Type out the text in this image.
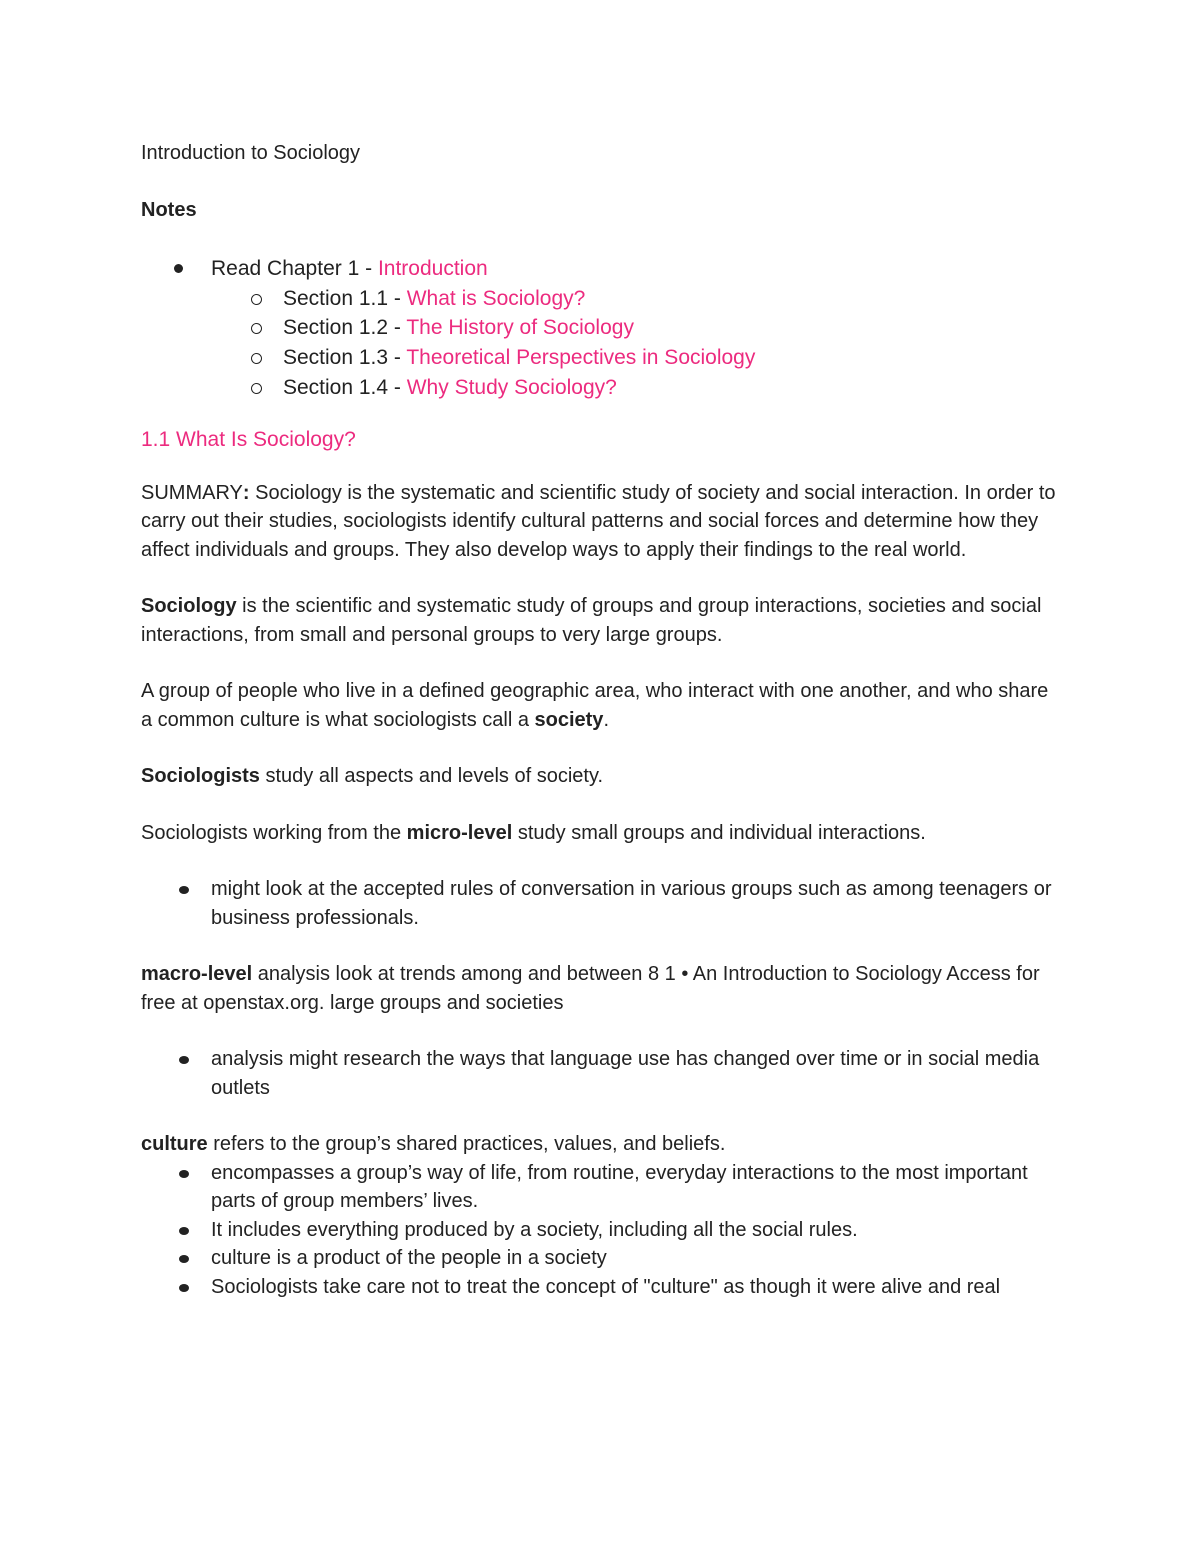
Introduction to Sociology

Notes

Read Chapter 1 - Introduction
Section 1.1 - What is Sociology?
Section 1.2 - The History of Sociology
Section 1.3 - Theoretical Perspectives in Sociology
Section 1.4 - Why Study Sociology?

1.1 What Is Sociology?

SUMMARY: Sociology is the systematic and scientific study of society and social interaction. In order to carry out their studies, sociologists identify cultural patterns and social forces and determine how they affect individuals and groups. They also develop ways to apply their findings to the real world.

Sociology is the scientific and systematic study of groups and group interactions, societies and social interactions, from small and personal groups to very large groups.

A group of people who live in a defined geographic area, who interact with one another, and who share a common culture is what sociologists call a society.

Sociologists study all aspects and levels of society.

Sociologists working from the micro-level study small groups and individual interactions.

might look at the accepted rules of conversation in various groups such as among teenagers or business professionals.

macro-level analysis look at trends among and between 8 1 • An Introduction to Sociology Access for free at openstax.org. large groups and societies

analysis might research the ways that language use has changed over time or in social media outlets

culture refers to the group’s shared practices, values, and beliefs.

encompasses a group’s way of life, from routine, everyday interactions to the most important parts of group members’ lives.
It includes everything produced by a society, including all the social rules.
culture is a product of the people in a society
Sociologists take care not to treat the concept of "culture" as though it were alive and real
